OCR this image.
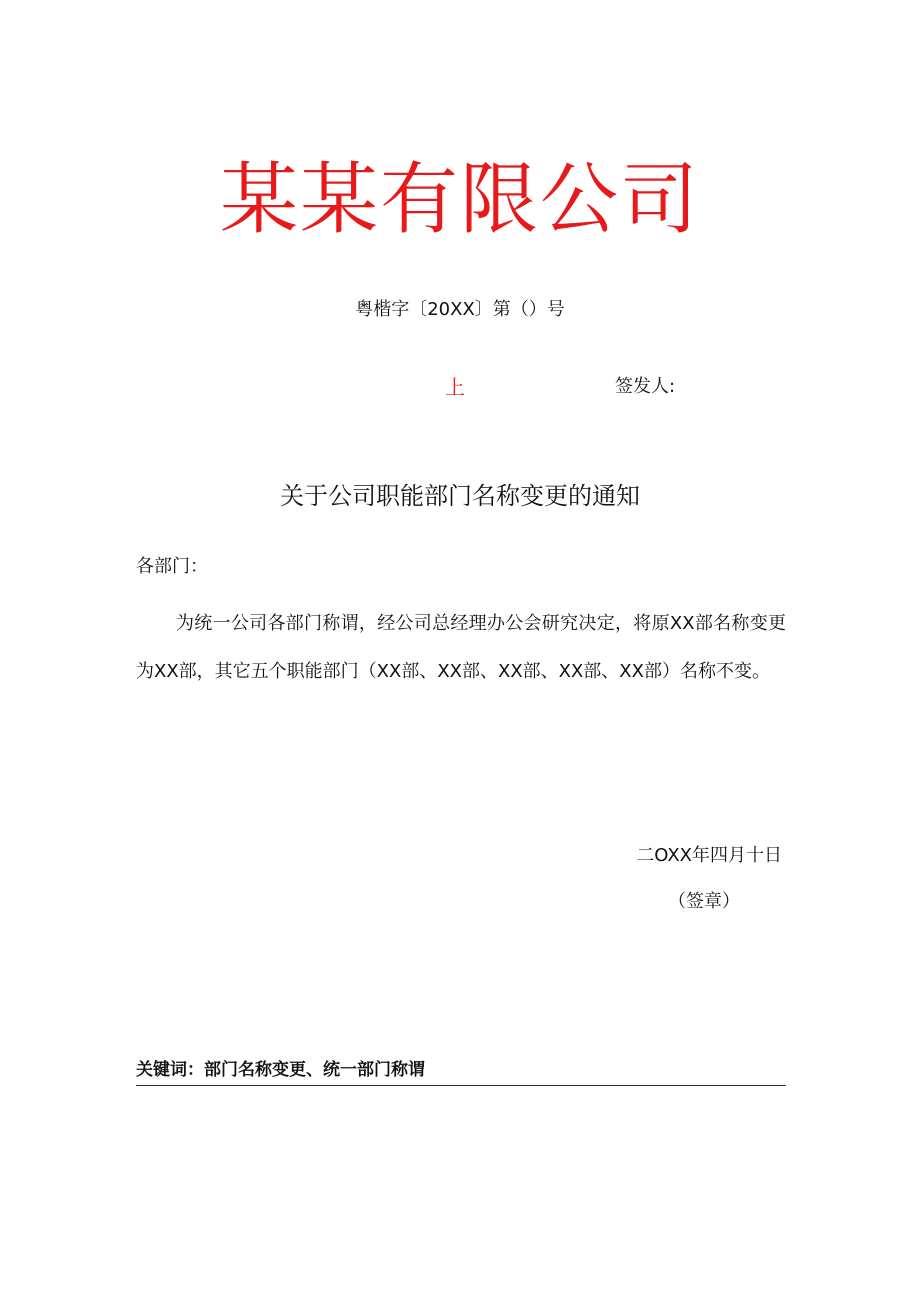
某某有限公司
粤楷字〔20XX〕第（）号
上	签发人:
关于公司职能部门名称变更的通知
各部门：

为统一公司各部门称谓，经公司总经理办公会研究决定，将原XX部名称变更为XX部，其它五个职能部门（XX部、XX部、XX部、XX部、XX部）名称不变。

二OXX年四月十日
（签章）
关键词：部门名称变更、统一部门称谓
